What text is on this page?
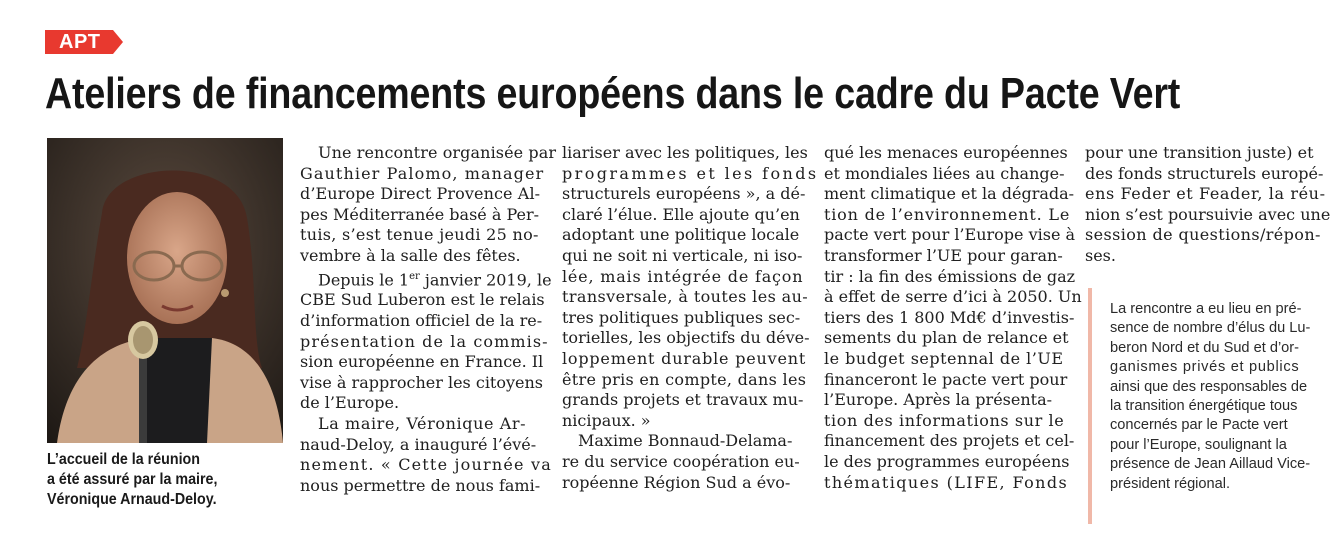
APT
Ateliers de financements européens dans le cadre du Pacte Vert
L’accueil de la réunion
a été assuré par la maire,
Véronique Arnaud-Deloy.
Une rencontre organisée par
Gauthier Palomo, manager
d’Europe Direct Provence Al-
pes Méditerranée basé à Per-
tuis, s’est tenue jeudi 25 no-
vembre à la salle des fêtes.
Depuis le 1er janvier 2019, le
CBE Sud Luberon est le relais
d’information officiel de la re-
présentation de la commis-
sion européenne en France. Il
vise à rapprocher les citoyens
de l’Europe.
La maire, Véronique Ar-
naud-Deloy, a inauguré l’évé-
nement. « Cette journée va
nous permettre de nous fami-
liariser avec les politiques, les
programmes et les fonds
structurels européens », a dé-
claré l’élue. Elle ajoute qu’en
adoptant une politique locale
qui ne soit ni verticale, ni iso-
lée, mais intégrée de façon
transversale, à toutes les au-
tres politiques publiques sec-
torielles, les objectifs du déve-
loppement durable peuvent
être pris en compte, dans les
grands projets et travaux mu-
nicipaux. »
Maxime Bonnaud-Delama-
re du service coopération eu-
ropéenne Région Sud a évo-
qué les menaces européennes
et mondiales liées au change-
ment climatique et la dégrada-
tion de l’environnement. Le
pacte vert pour l’Europe vise à
transformer l’UE pour garan-
tir : la fin des émissions de gaz
à effet de serre d’ici à 2050. Un
tiers des 1 800 Md€ d’investis-
sements du plan de relance et
le budget septennal de l’UE
financeront le pacte vert pour
l’Europe. Après la présenta-
tion des informations sur le
financement des projets et cel-
le des programmes européens
thématiques (LIFE, Fonds
pour une transition juste) et
des fonds structurels europé-
ens Feder et Feader, la réu-
nion s’est poursuivie avec une
session de questions/répon-
ses.
La rencontre a eu lieu en pré-
sence de nombre d’élus du Lu-
beron Nord et du Sud et d’or-
ganismes privés et publics
ainsi que des responsables de
la transition énergétique tous
concernés par le Pacte vert
pour l’Europe, soulignant la
présence de Jean Aillaud Vice-
président régional.
